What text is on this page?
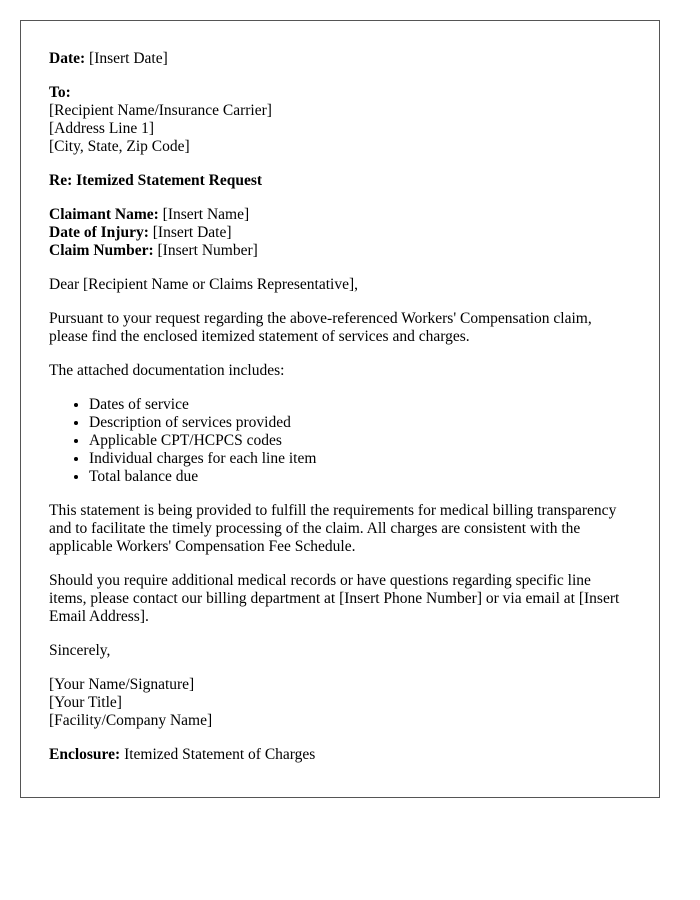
Date: [Insert Date]
To:
[Recipient Name/Insurance Carrier]
[Address Line 1]
[City, State, Zip Code]
Re: Itemized Statement Request
Claimant Name: [Insert Name]
Date of Injury: [Insert Date]
Claim Number: [Insert Number]

Dear [Recipient Name or Claims Representative],

Pursuant to your request regarding the above-referenced Workers' Compensation claim, please find the enclosed itemized statement of services and charges.

The attached documentation includes:

• Dates of service
• Description of services provided
• Applicable CPT/HCPCS codes
• Individual charges for each line item
• Total balance due

This statement is being provided to fulfill the requirements for medical billing transparency and to facilitate the timely processing of the claim. All charges are consistent with the applicable Workers' Compensation Fee Schedule.

Should you require additional medical records or have questions regarding specific line items, please contact our billing department at [Insert Phone Number] or via email at [Insert Email Address].

Sincerely,

[Your Name/Signature]
[Your Title]
[Facility/Company Name]
Enclosure: Itemized Statement of Charges
